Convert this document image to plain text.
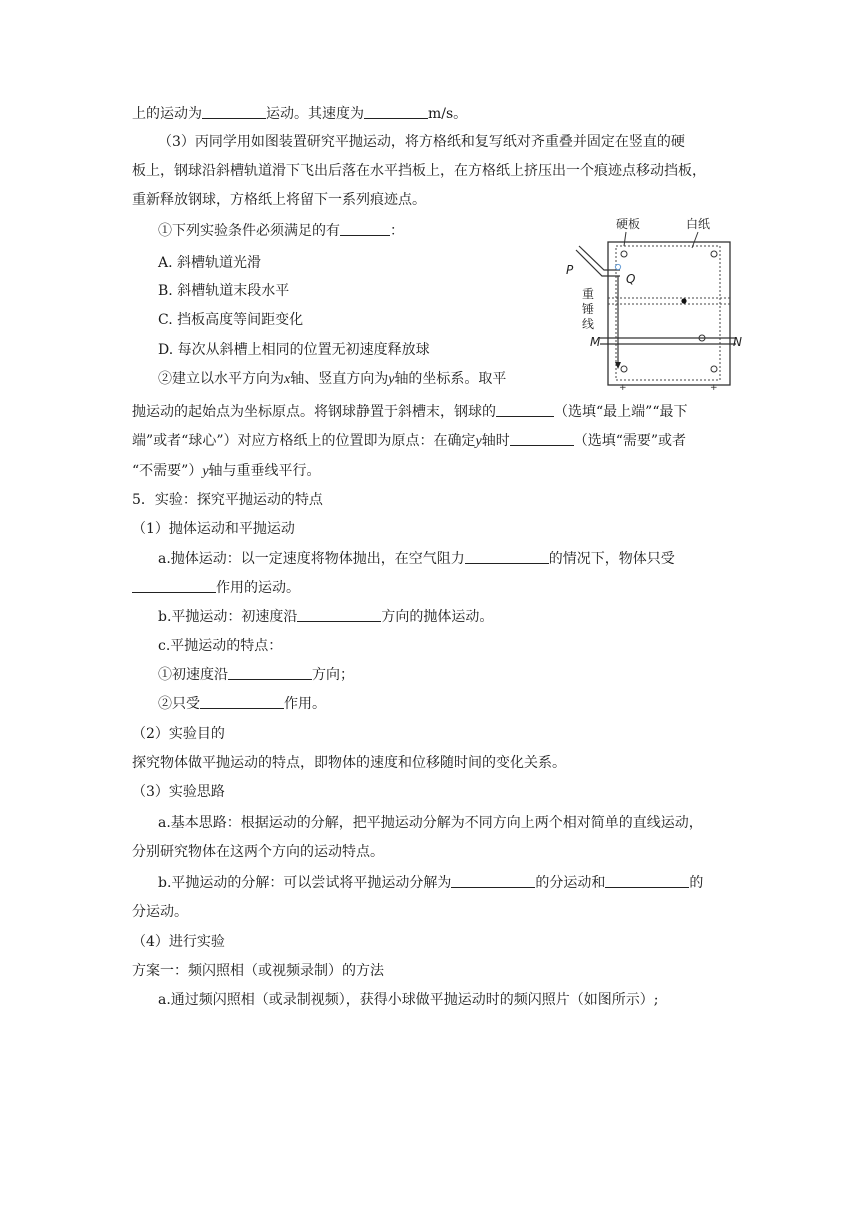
上的运动为	运动。其速度为	m/s。
（3）丙同学用如图装置研究平抛运动，将方格纸和复写纸对齐重叠并固定在竖直的硬
板上，钢球沿斜槽轨道滑下飞出后落在水平挡板上，在方格纸上挤压出一个痕迹点移动挡板，
重新释放钢球，方格纸上将留下一系列痕迹点。
①下列实验条件必须满足的有	：
A. 斜槽轨道光滑
B. 斜槽轨道末段水平
C. 挡板高度等间距变化
D. 每次从斜槽上相同的位置无初速度释放球
②建立以水平方向为x轴、竖直方向为y轴的坐标系。取平
抛运动的起始点为坐标原点。将钢球静置于斜槽末，钢球的	（选填“最上端”“最下
端”或者“球心”）对应方格纸上的位置即为原点：在确定y轴时	（选填“需要”或者
“不需要”）y轴与重垂线平行。
5．实验：探究平抛运动的特点
（1）抛体运动和平抛运动
a.抛体运动：以一定速度将物体抛出，在空气阻力	的情况下，物体只受
作用的运动。
b.平抛运动：初速度沿	方向的抛体运动。
c.平抛运动的特点：
①初速度沿	方向；
②只受	作用。
（2）实验目的
探究物体做平抛运动的特点，即物体的速度和位移随时间的变化关系。
（3）实验思路
a.基本思路：根据运动的分解，把平抛运动分解为不同方向上两个相对简单的直线运动，
分别研究物体在这两个方向的运动特点。
b.平抛运动的分解：可以尝试将平抛运动分解为	的分运动和	的
分运动。
（4）进行实验
方案一：频闪照相（或视频录制）的方法
a.通过频闪照相（或录制视频），获得小球做平抛运动时的频闪照片（如图所示）;
+	+
硬板	白纸
P
Q
M	N
重
锤
线
